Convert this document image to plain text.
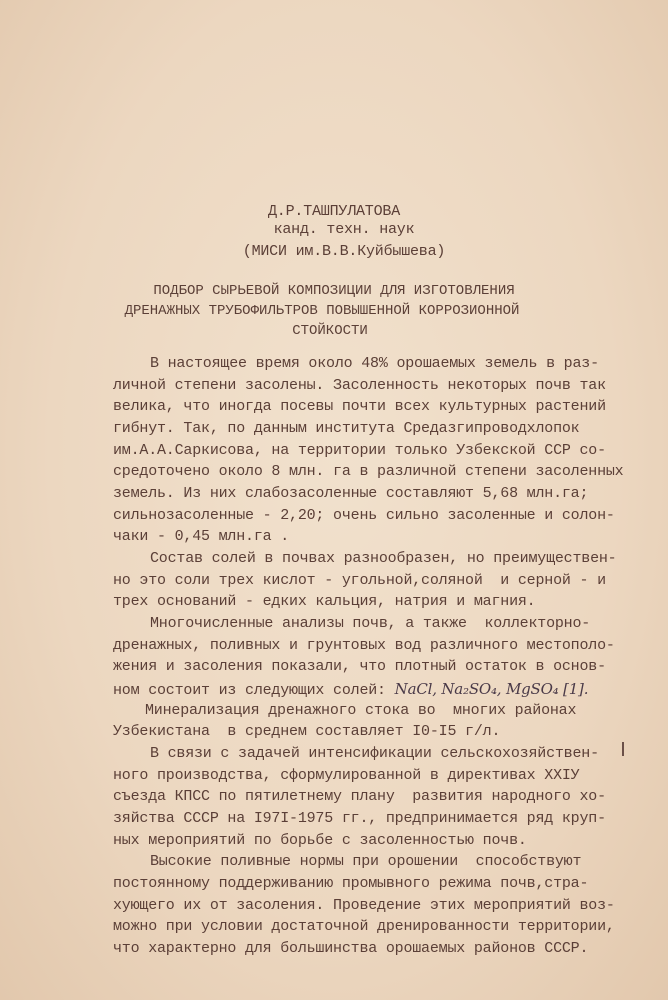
Д.Р.ТАШПУЛАТОВА
канд. техн. наук
(МИСИ им.В.В.Куйбышева)
ПОДБОР СЫРЬЕВОЙ КОМПОЗИЦИИ ДЛЯ ИЗГОТОВЛЕНИЯ
ДРЕНАЖНЫХ ТРУБОФИЛЬТРОВ ПОВЫШЕННОЙ КОРРОЗИОННОЙ
СТОЙКОСТИ
В настоящее время около 48% орошаемых земель в раз-
личной степени засолены. Засоленность некоторых почв так
велика, что иногда посевы почти всех культурных растений
гибнут. Так, по данным института Средазгипроводхлопок
им.А.А.Саркисова, на территории только Узбекской ССР со-
средоточено около 8 млн. га в различной степени засоленных
земель. Из них слабозасоленные составляют 5,68 млн.га;
сильнозасоленные - 2,20; очень сильно засоленные и солон-
чаки - 0,45 млн.га .
Состав солей в почвах разнообразен, но преимуществен-
но это соли трех кислот - угольной,соляной  и серной - и
трех оснований - едких кальция, натрия и магния.
Многочисленные анализы почв, а также  коллекторно-
дренажных, поливных и грунтовых вод различного местополо-
жения и засоления показали, что плотный остаток в основ-
ном состоит из следующих солей: NaCl, Na₂SO₄, MgSO₄ [1].
Минерализация дренажного стока во  многих районах
Узбекистана  в среднем составляет I0-I5 г/л.
В связи с задачей интенсификации сельскохозяйствен-
ного производства, сформулированной в директивах XXIУ
съезда КПСС по пятилетнему плану  развития народного хо-
зяйства СССР на I97I-1975 гг., предпринимается ряд круп-
ных мероприятий по борьбе с засоленностью почв.
Высокие поливные нормы при орошении  способствуют
постоянному поддерживанию промывного режима почв,стра-
хующего их от засоления. Проведение этих мероприятий воз-
можно при условии достаточной дренированности территории,
что характерно для большинства орошаемых районов СССР.
